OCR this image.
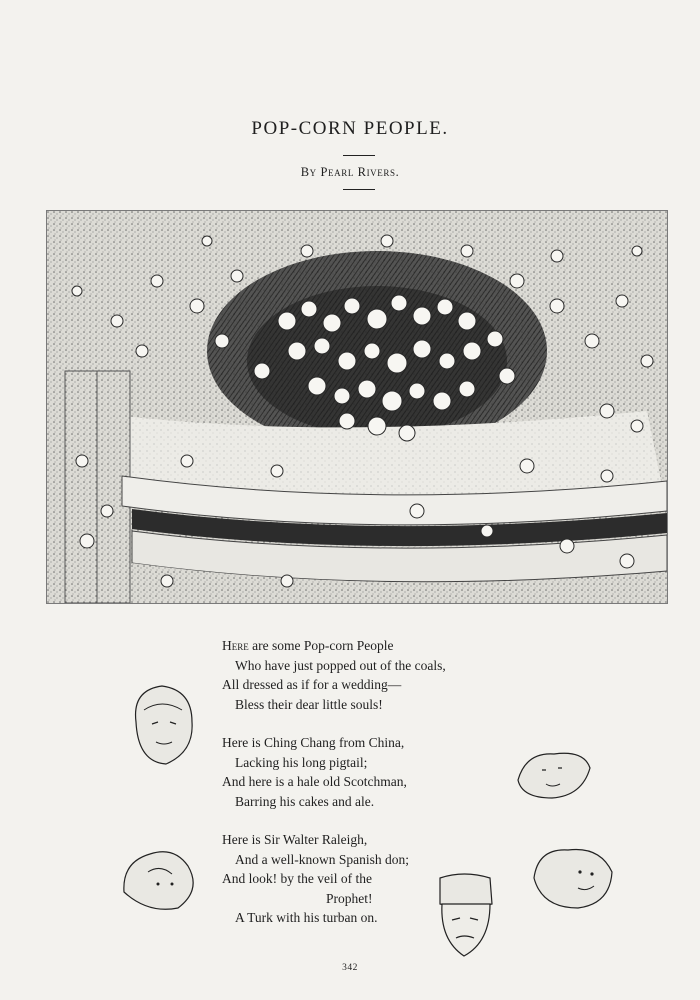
POP-CORN PEOPLE.
By Pearl Rivers.
Here are some Pop-corn People
Who have just popped out of the coals,
All dressed as if for a wedding—
Bless their dear little souls!
Here is Ching Chang from China,
Lacking his long pigtail;
And here is a hale old Scotchman,
Barring his cakes and ale.
Here is Sir Walter Raleigh,
And a well-known Spanish don;
And look! by the veil of the
Prophet!
A Turk with his turban on.
342
